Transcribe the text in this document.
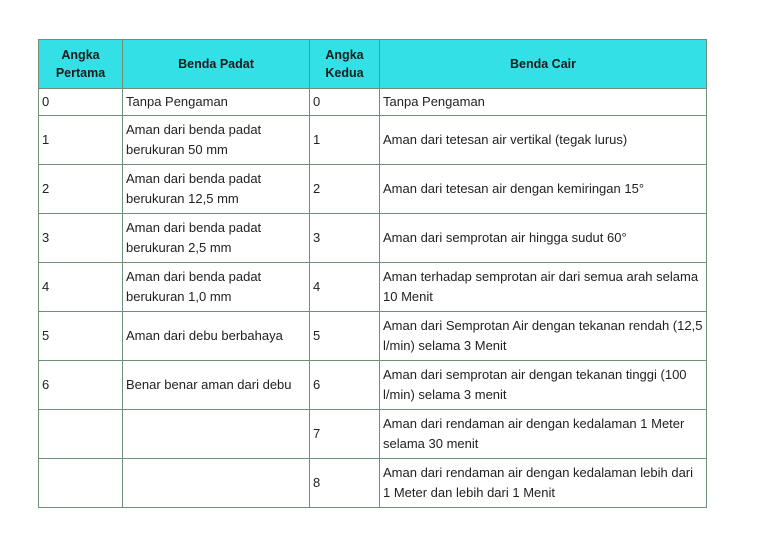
Angka Pertama	Benda Padat	Angka Kedua	Benda Cair
0	Tanpa Pengaman	0	Tanpa Pengaman
1	Aman dari benda padat berukuran 50 mm	1	Aman dari tetesan air vertikal (tegak lurus)
2	Aman dari benda padat berukuran 12,5 mm	2	Aman dari tetesan air dengan kemiringan 15°
3	Aman dari benda padat berukuran 2,5 mm	3	Aman dari semprotan air hingga sudut 60°
4	Aman dari benda padat berukuran 1,0 mm	4	Aman terhadap semprotan air dari semua arah selama 10 Menit
5	Aman dari debu berbahaya	5	Aman dari Semprotan Air dengan tekanan rendah (12,5 l/min) selama 3 Menit
6	Benar benar aman dari debu	6	Aman dari semprotan air dengan tekanan tinggi (100 l/min) selama 3 menit
		7	Aman dari rendaman air dengan kedalaman 1 Meter selama 30 menit
		8	Aman dari rendaman air dengan kedalaman lebih dari 1 Meter dan lebih dari 1 Menit
